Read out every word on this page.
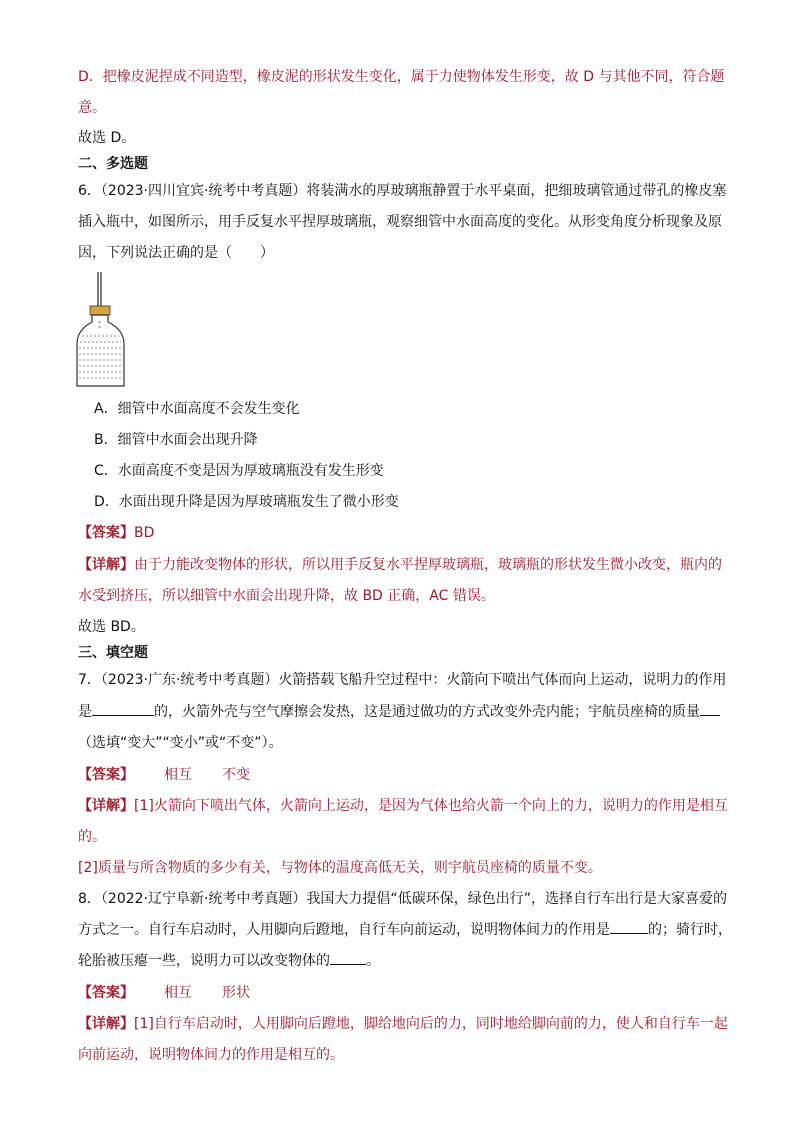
D．把橡皮泥捏成不同造型，橡皮泥的形状发生变化，属于力使物体发生形变，故 D 与其他不同，符合题
意。
故选 D。
二、多选题
6．（2023·四川宜宾·统考中考真题）将装满水的厚玻璃瓶静置于水平桌面，把细玻璃管通过带孔的橡皮塞
插入瓶中，如图所示，用手反复水平捏厚玻璃瓶，观察细管中水面高度的变化。从形变角度分析现象及原
因，下列说法正确的是（　　）
A．细管中水面高度不会发生变化
B．细管中水面会出现升降
C．水面高度不变是因为厚玻璃瓶没有发生形变
D．水面出现升降是因为厚玻璃瓶发生了微小形变
【答案】BD
【详解】由于力能改变物体的形状，所以用手反复水平捏厚玻璃瓶，玻璃瓶的形状发生微小改变，瓶内的
水受到挤压，所以细管中水面会出现升降，故 BD 正确，AC 错误。
故选 BD。
三、填空题
7．（2023·广东·统考中考真题）火箭搭载飞船升空过程中：火箭向下喷出气体而向上运动，说明力的作用
是	的，火箭外壳与空气摩擦会发热，这是通过做功的方式改变外壳内能；宇航员座椅的质量
（选填“变大”“变小”或“不变”）。
【答案】 相互 不变
【详解】[1]火箭向下喷出气体，火箭向上运动，是因为气体也给火箭一个向上的力，说明力的作用是相互
的。
[2]质量与所含物质的多少有关，与物体的温度高低无关，则宇航员座椅的质量不变。
8．（2022·辽宁阜新·统考中考真题）我国大力提倡“低碳环保，绿色出行”，选择自行车出行是大家喜爱的
方式之一。自行车启动时，人用脚向后蹬地，自行车向前运动，说明物体间力的作用是	的；骑行时，
轮胎被压瘪一些，说明力可以改变物体的	。
【答案】 相互 形状
【详解】[1]自行车启动时，人用脚向后蹬地，脚给地向后的力，同时地给脚向前的力，使人和自行车一起
向前运动，说明物体间力的作用是相互的。
